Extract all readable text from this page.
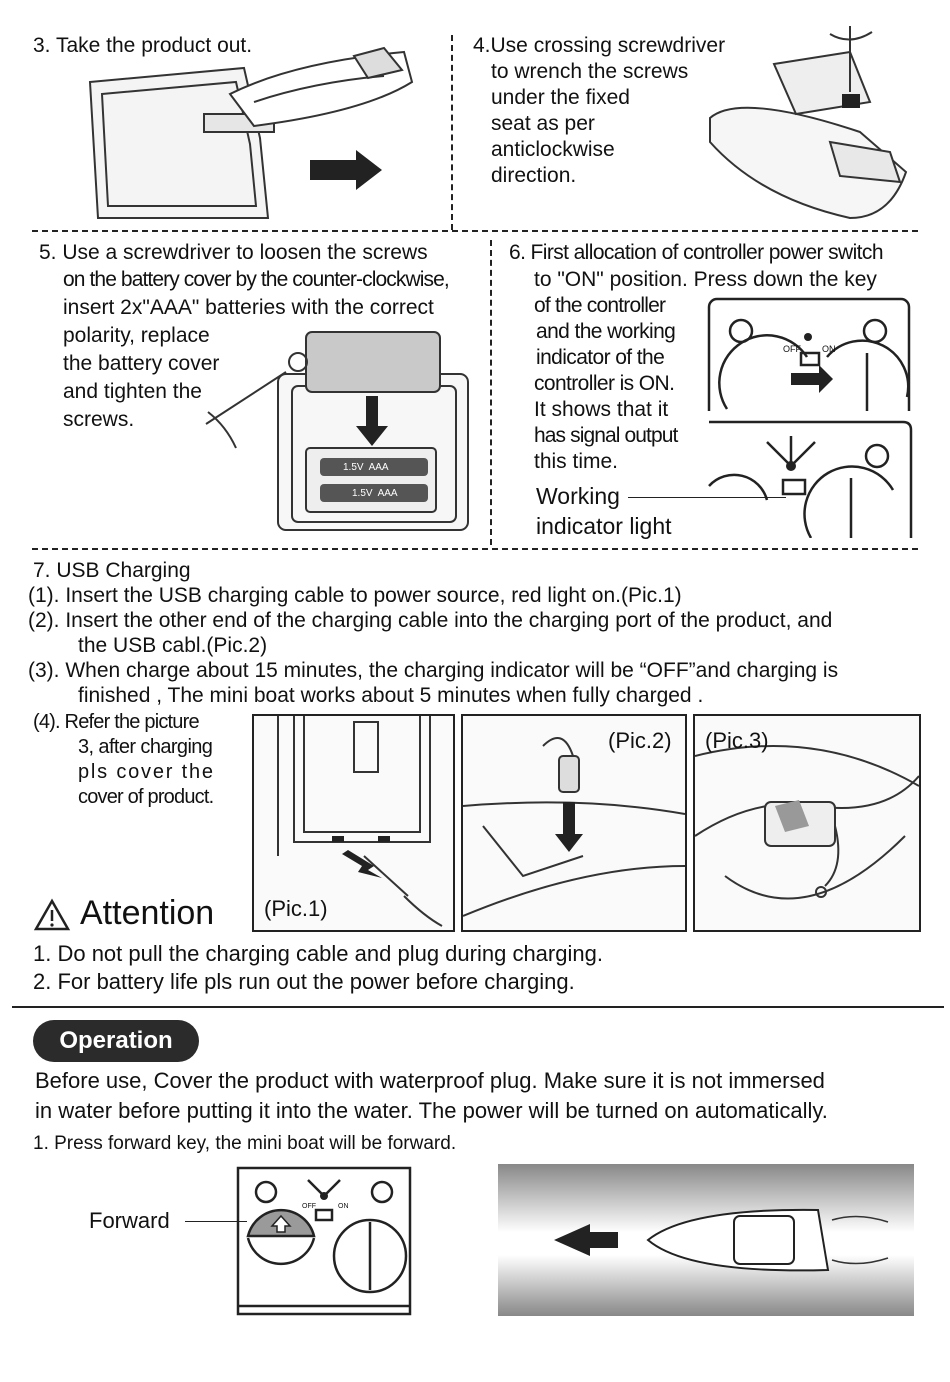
3. Take the product out.	4.Use crossing screwdriver
to wrench the screws
under the fixed
seat as per
anticlockwise
direction.
5. Use a screwdriver to loosen the screws
on the battery cover by the counter-clockwise,
insert 2x"AAA" batteries with the correct
polarity, replace
the battery cover
and tighten the
screws.
1.5V  AAA
1.5V  AAA
6. First allocation of controller power switch
to "ON" position. Press down the key
of the controller
and the working
indicator of the
controller is ON.
It shows that it
has signal output
this time.
Working
indicator light
OFF ON
7. USB Charging
(1). Insert the USB charging cable to power source, red light on.(Pic.1)
(2). Insert the other end of the charging cable into the charging port of the product, and
the USB cabl.(Pic.2)
(3). When charge about 15 minutes, the charging indicator will be “OFF”and charging is
finished , The mini boat works about 5 minutes when fully charged .
(4). Refer the picture
3, after charging
pls cover the
cover of product.
(Pic.1)
(Pic.2) (Pic.3)
Attention
1. Do not pull the charging cable and plug during charging.
2. For battery life pls run out the power before charging.
Operation
Before use, Cover the product with waterproof plug. Make sure it is not immersed
in water before putting it into the water. The power will be turned on automatically.
1. Press forward key, the mini boat will be forward.
Forward
OFF	ON
